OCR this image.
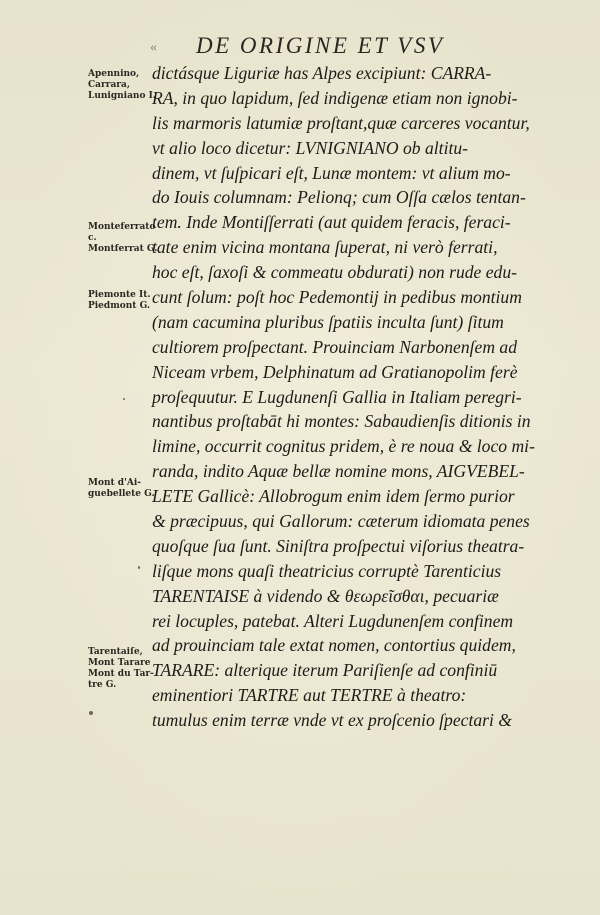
« DE ORIGINE ET VSV
Apennino,
Carrara,
Lunigniano I.
Monteferrato
c.
Montferrat G.
Piemonte It.
Piedmont G.
Mont d'Ai-
guebellete G.
Tarentaiſe,
Mont Tarare
Mont du Tar-
tre G.
dictásque Liguriæ has Alpes excipiunt: CARRA-
RA, in quo lapidum, ſed indigenæ etiam non ignobi-
lis marmoris latumiæ proſtant,quæ carceres vocantur,
vt alio loco dicetur: LVNIGNIANO ob altitu-
dinem, vt ſuſpicari eſt, Lunæ montem: vt alium mo-
do Iouis columnam: Pelionq; cum Oſſa cælos tentan-
tem. Inde Montiſſerrati (aut quidem feracis, feraci-
tate enim vicina montana ſuperat, ni verò ferrati,
hoc eſt, ſaxoſi & commeatu obdurati) non rude edu-
cunt ſolum: poſt hoc Pedemontij in pedibus montium
(nam cacumina pluribus ſpatiis inculta ſunt) ſitum
cultiorem proſpectant. Prouinciam Narbonenſem ad
Niceam vrbem, Delphinatum ad Gratianopolim ferè
proſequutur. E Lugdunenſi Gallia in Italiam peregri-
nantibus proſtabāt hi montes: Sabaudienſis ditionis in
limine, occurrit cognitus pridem, è re noua & loco mi-
randa, indito Aquæ bellæ nomine mons, AIGVEBEL-
LETE Gallicè: Allobrogum enim idem ſermo purior
& præcipuus, qui Gallorum: cæterum idiomata penes
quoſque ſua ſunt. Siniſtra proſpectui viſorius theatra-
liſque mons quaſi theatricius corruptè Tarenticius
TARENTAISE à videndo & θεωρεῖσθαι, pecuariæ
rei locuples, patebat. Alteri Lugdunenſem confinem
ad prouinciam tale extat nomen, contortius quidem,
TARARE: alterique iterum Pariſienſe ad confiniū
eminentiori TARTRE aut TERTRE à theatro:
tumulus enim terræ vnde vt ex proſcenio ſpectari &
